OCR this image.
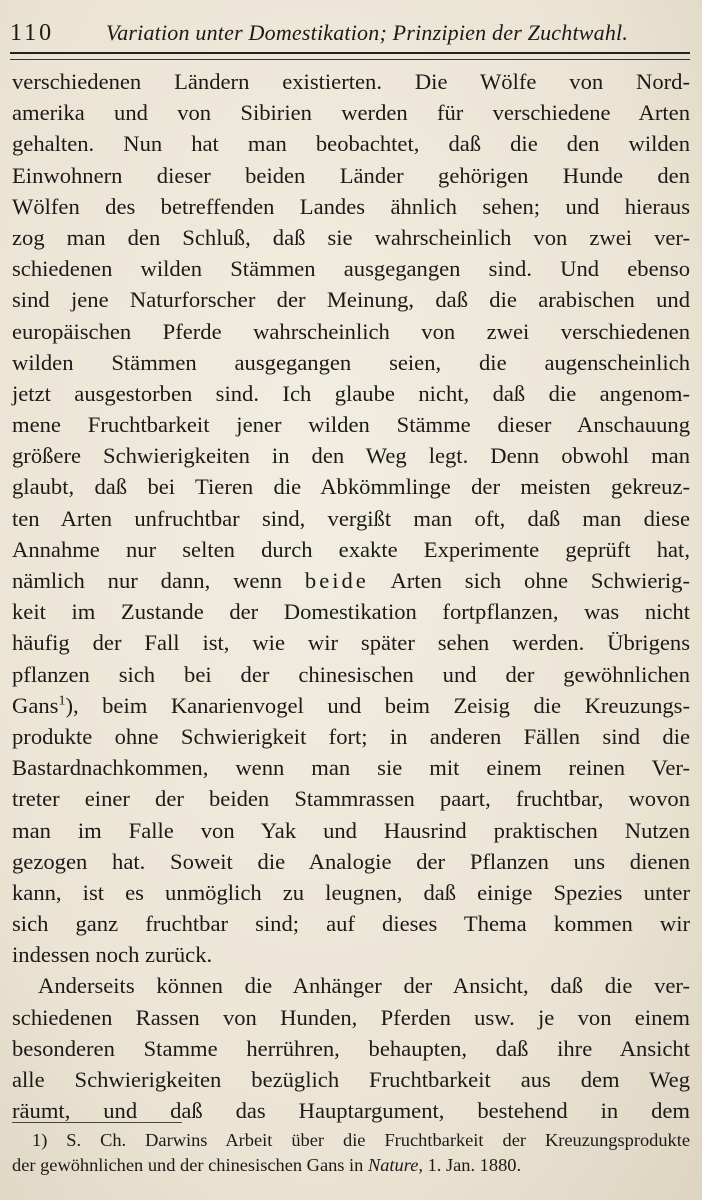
110 Variation unter Domestikation; Prinzipien der Zuchtwahl.
verschiedenen Ländern existierten. Die Wölfe von Nord-
amerika und von Sibirien werden für verschiedene Arten
gehalten. Nun hat man beobachtet, daß die den wilden
Einwohnern dieser beiden Länder gehörigen Hunde den
Wölfen des betreffenden Landes ähnlich sehen; und hieraus
zog man den Schluß, daß sie wahrscheinlich von zwei ver-
schiedenen wilden Stämmen ausgegangen sind. Und ebenso
sind jene Naturforscher der Meinung, daß die arabischen und
europäischen Pferde wahrscheinlich von zwei verschiedenen
wilden Stämmen ausgegangen seien, die augenscheinlich
jetzt ausgestorben sind. Ich glaube nicht, daß die angenom-
mene Fruchtbarkeit jener wilden Stämme dieser Anschauung
größere Schwierigkeiten in den Weg legt. Denn obwohl man
glaubt, daß bei Tieren die Abkömmlinge der meisten gekreuz-
ten Arten unfruchtbar sind, vergißt man oft, daß man diese
Annahme nur selten durch exakte Experimente geprüft hat,
nämlich nur dann, wenn beide Arten sich ohne Schwierig-
keit im Zustande der Domestikation fortpflanzen, was nicht
häufig der Fall ist, wie wir später sehen werden. Übrigens
pflanzen sich bei der chinesischen und der gewöhnlichen
Gans$^1$), beim Kanarienvogel und beim Zeisig die Kreuzungs-
produkte ohne Schwierigkeit fort; in anderen Fällen sind die
Bastardnachkommen, wenn man sie mit einem reinen Ver-
treter einer der beiden Stammrassen paart, fruchtbar, wovon
man im Falle von Yak und Hausrind praktischen Nutzen
gezogen hat. Soweit die Analogie der Pflanzen uns dienen
kann, ist es unmöglich zu leugnen, daß einige Spezies unter
sich ganz fruchtbar sind; auf dieses Thema kommen wir
indessen noch zurück.
Anderseits können die Anhänger der Ansicht, daß die ver-
schiedenen Rassen von Hunden, Pferden usw. je von einem
besonderen Stamme herrühren, behaupten, daß ihre Ansicht
alle Schwierigkeiten bezüglich Fruchtbarkeit aus dem Weg
räumt, und daß das Hauptargument, bestehend in dem
1) S. Ch. Darwins Arbeit über die Fruchtbarkeit der Kreuzungsprodukte
der gewöhnlichen und der chinesischen Gans in Nature, 1. Jan. 1880.
